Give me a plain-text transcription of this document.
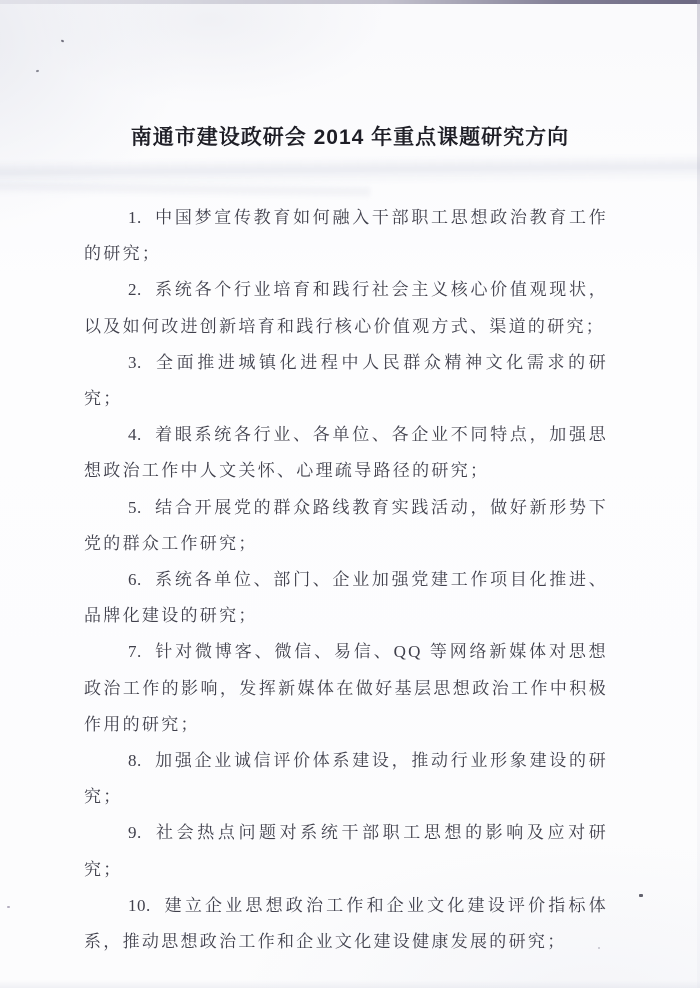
南通市建设政研会 2014 年重点课题研究方向

1. 中国梦宣传教育如何融入干部职工思想政治教育工作的研究；

2. 系统各个行业培育和践行社会主义核心价值观现状，以及如何改进创新培育和践行核心价值观方式、渠道的研究；

3. 全面推进城镇化进程中人民群众精神文化需求的研究；

4. 着眼系统各行业、各单位、各企业不同特点，加强思想政治工作中人文关怀、心理疏导路径的研究；

5. 结合开展党的群众路线教育实践活动，做好新形势下党的群众工作研究；

6. 系统各单位、部门、企业加强党建工作项目化推进、品牌化建设的研究；

7. 针对微博客、微信、易信、QQ 等网络新媒体对思想政治工作的影响，发挥新媒体在做好基层思想政治工作中积极作用的研究；

8. 加强企业诚信评价体系建设，推动行业形象建设的研究；

9. 社会热点问题对系统干部职工思想的影响及应对研究；

10. 建立企业思想政治工作和企业文化建设评价指标体系，推动思想政治工作和企业文化建设健康发展的研究；
